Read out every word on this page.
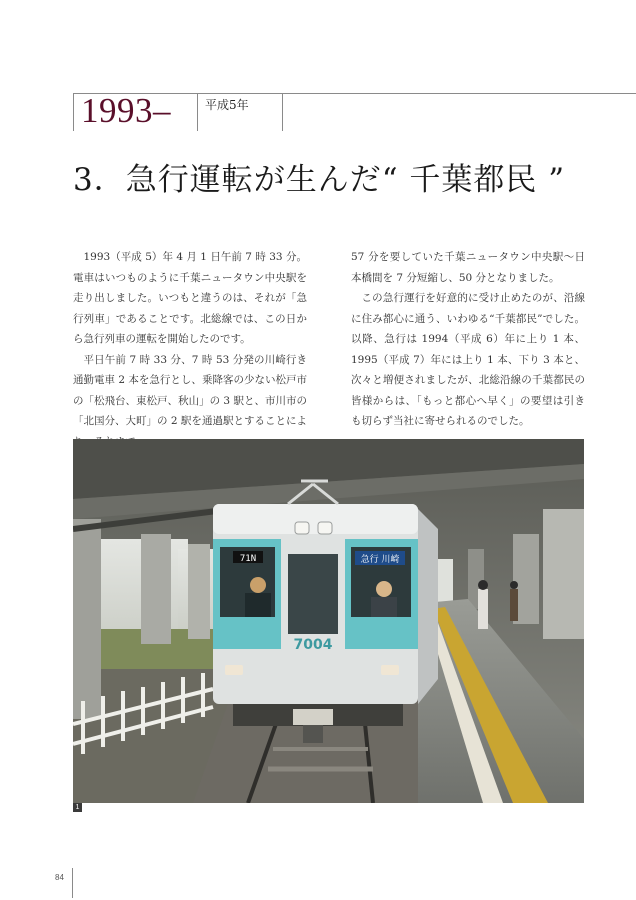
1993–	平成5年
3．急行運転が生んだ“ 千葉都民 ”

1993（平成 5）年 4 月 1 日午前 7 時 33 分。電車はいつものように千葉ニュータウン中央駅を走り出しました。いつもと違うのは、それが「急行列車」であることです。北総線では、この日から急行列車の運転を開始したのです。

平日午前 7 時 33 分、7 時 53 分発の川崎行き通勤電車 2 本を急行とし、乗降客の少ない松戸市の「松飛台、東松戸、秋山」の 3 駅と、市川市の「北国分、大町」の 2 駅を通過駅とすることによ

57 分を要していた千葉ニュータウン中央駅～日本橋間を 7 分短縮し、50 分となりました。

この急行運行を好意的に受け止めたのが、沿線に住み都心に通う、いわゆる“千葉都民”でした。以降、急行は 1994（平成 6）年に上り 1 本、1995（平成 7）年には上り 1 本、下り 3 本と、次々と増便されましたが、北総沿線の千葉都民の皆様からは、「もっと都心へ早く」の要望は引きも切らず当社に寄せられるのでした。

71N	急行 川崎
7004
1
84
